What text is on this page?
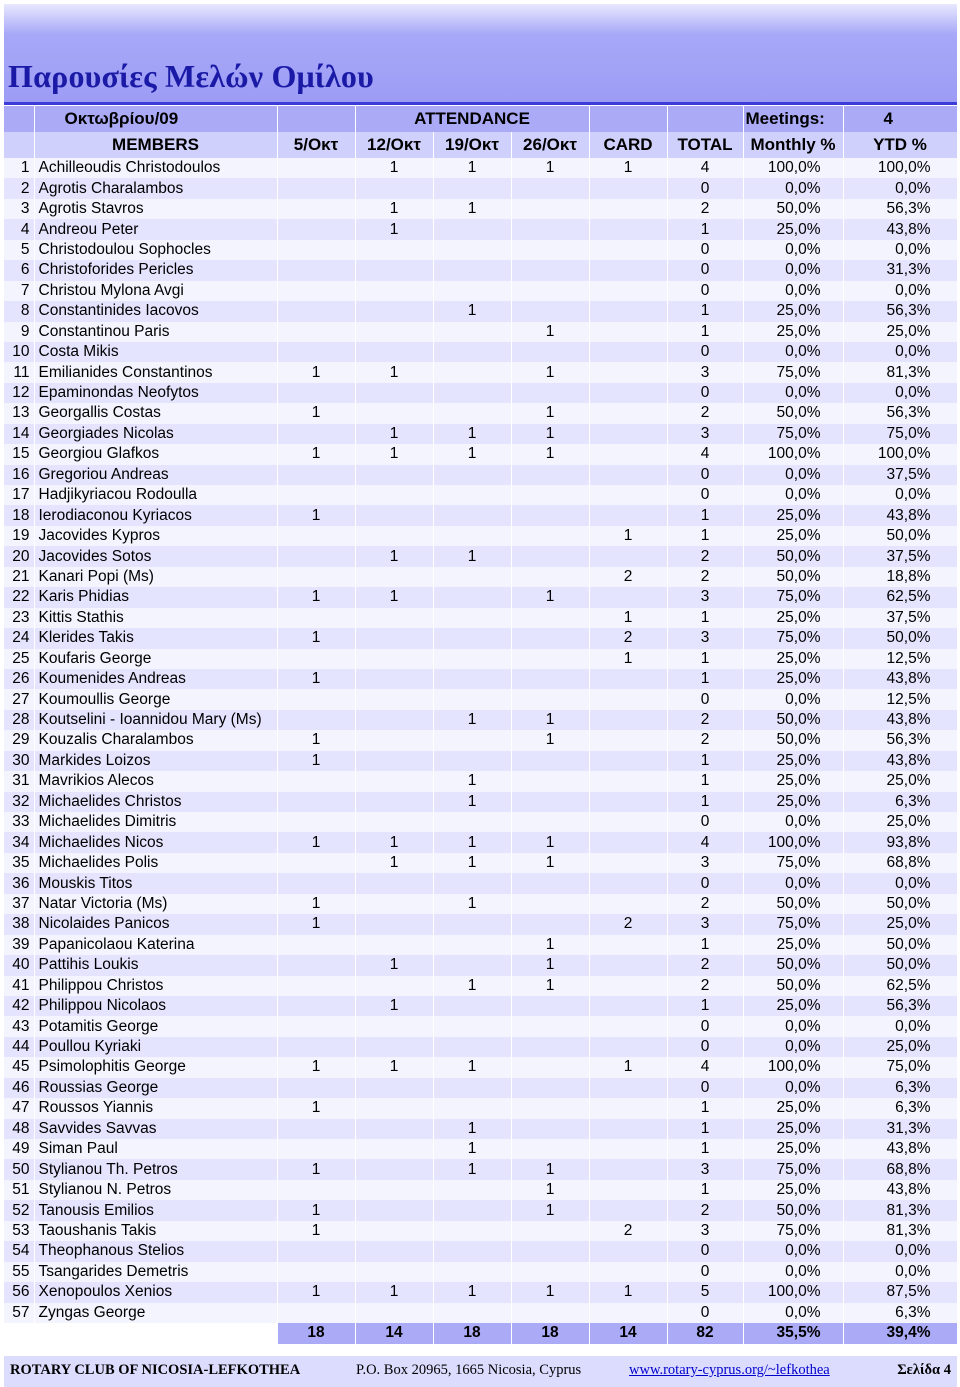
Παρουσίες Μελών Ομίλου
	Οκτωβρίου/09		ATTENDANCE					Meetings:	4
	MEMBERS	5/Οκτ	12/Οκτ	19/Οκτ	26/Οκτ	CARD	TOTAL	Monthly %	YTD %
1	Achilleoudis Christodoulos		1	1	1	1	4	100,0%	100,0%
2	Agrotis Charalambos						0	0,0%	0,0%
3	Agrotis Stavros		1	1			2	50,0%	56,3%
4	Andreou Peter		1				1	25,0%	43,8%
5	Christodoulou Sophocles						0	0,0%	0,0%
6	Christoforides Pericles						0	0,0%	31,3%
7	Christou Mylona Avgi						0	0,0%	0,0%
8	Constantinides Iacovos			1			1	25,0%	56,3%
9	Constantinou Paris				1		1	25,0%	25,0%
10	Costa Mikis						0	0,0%	0,0%
11	Emilianides Constantinos	1	1		1		3	75,0%	81,3%
12	Epaminondas Neofytos						0	0,0%	0,0%
13	Georgallis Costas	1			1		2	50,0%	56,3%
14	Georgiades Nicolas		1	1	1		3	75,0%	75,0%
15	Georgiou Glafkos	1	1	1	1		4	100,0%	100,0%
16	Gregoriou Andreas						0	0,0%	37,5%
17	Hadjikyriacou Rodoulla						0	0,0%	0,0%
18	Ierodiaconou Kyriacos	1					1	25,0%	43,8%
19	Jacovides Kypros					1	1	25,0%	50,0%
20	Jacovides Sotos		1	1			2	50,0%	37,5%
21	Kanari Popi (Ms)					2	2	50,0%	18,8%
22	Karis Phidias	1	1		1		3	75,0%	62,5%
23	Kittis Stathis					1	1	25,0%	37,5%
24	Klerides Takis	1				2	3	75,0%	50,0%
25	Koufaris George					1	1	25,0%	12,5%
26	Koumenides Andreas	1					1	25,0%	43,8%
27	Koumoullis George						0	0,0%	12,5%
28	Koutselini - Ioannidou Mary (Ms)			1	1		2	50,0%	43,8%
29	Kouzalis Charalambos	1			1		2	50,0%	56,3%
30	Markides Loizos	1					1	25,0%	43,8%
31	Mavrikios Alecos			1			1	25,0%	25,0%
32	Michaelides Christos			1			1	25,0%	6,3%
33	Michaelides Dimitris						0	0,0%	25,0%
34	Michaelides Nicos	1	1	1	1		4	100,0%	93,8%
35	Michaelides Polis		1	1	1		3	75,0%	68,8%
36	Mouskis Titos						0	0,0%	0,0%
37	Natar Victoria (Ms)	1		1			2	50,0%	50,0%
38	Nicolaides Panicos	1				2	3	75,0%	25,0%
39	Papanicolaou Katerina				1		1	25,0%	50,0%
40	Pattihis Loukis		1		1		2	50,0%	50,0%
41	Philippou Christos			1	1		2	50,0%	62,5%
42	Philippou Nicolaos		1				1	25,0%	56,3%
43	Potamitis George						0	0,0%	0,0%
44	Poullou Kyriaki						0	0,0%	25,0%
45	Psimolophitis George	1	1	1		1	4	100,0%	75,0%
46	Roussias George						0	0,0%	6,3%
47	Roussos Yiannis	1					1	25,0%	6,3%
48	Savvides Savvas			1			1	25,0%	31,3%
49	Siman Paul			1			1	25,0%	43,8%
50	Stylianou Th. Petros	1		1	1		3	75,0%	68,8%
51	Stylianou N. Petros				1		1	25,0%	43,8%
52	Tanousis Emilios	1			1		2	50,0%	81,3%
53	Taoushanis Takis	1				2	3	75,0%	81,3%
54	Theophanous Stelios						0	0,0%	0,0%
55	Tsangarides Demetris						0	0,0%	0,0%
56	Xenopoulos Xenios	1	1	1	1	1	5	100,0%	87,5%
57	Zyngas George						0	0,0%	6,3%
		18	14	18	18	14	82	35,5%	39,4%
ROTARY CLUB OF NICOSIA-LEFKOTHEA	P.O. Box 20965, 1665 Nicosia, Cyprus	www.rotary-cyprus.org/~lefkothea	Σελίδα 4
